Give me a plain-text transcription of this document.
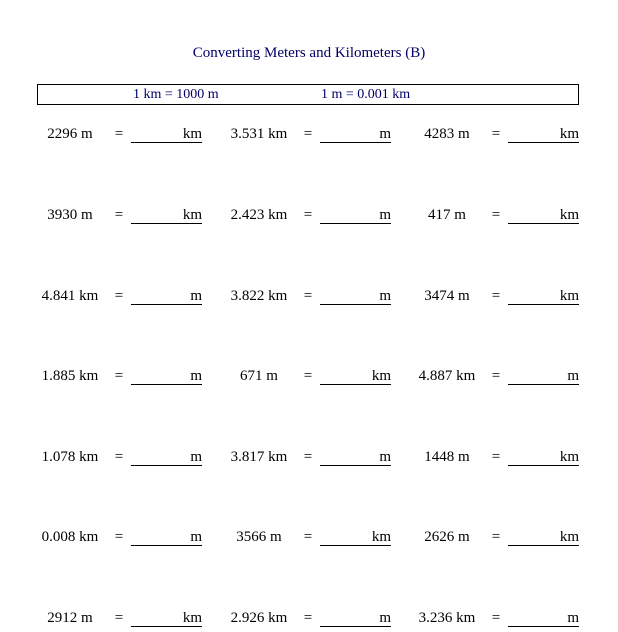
Converting Meters and Kilometers (B)
1 km = 1000 m	1 m = 0.001 km
2296 m	=	km	3.531 km	=	m	4283 m	=	km
3930 m	=	km	2.423 km	=	m	417 m	=	km
4.841 km	=	m	3.822 km	=	m	3474 m	=	km
1.885 km	=	m	671 m	=	km	4.887 km	=	m
1.078 km	=	m	3.817 km	=	m	1448 m	=	km
0.008 km	=	m	3566 m	=	km	2626 m	=	km
2912 m	=	km	2.926 km	=	m	3.236 km	=	m
